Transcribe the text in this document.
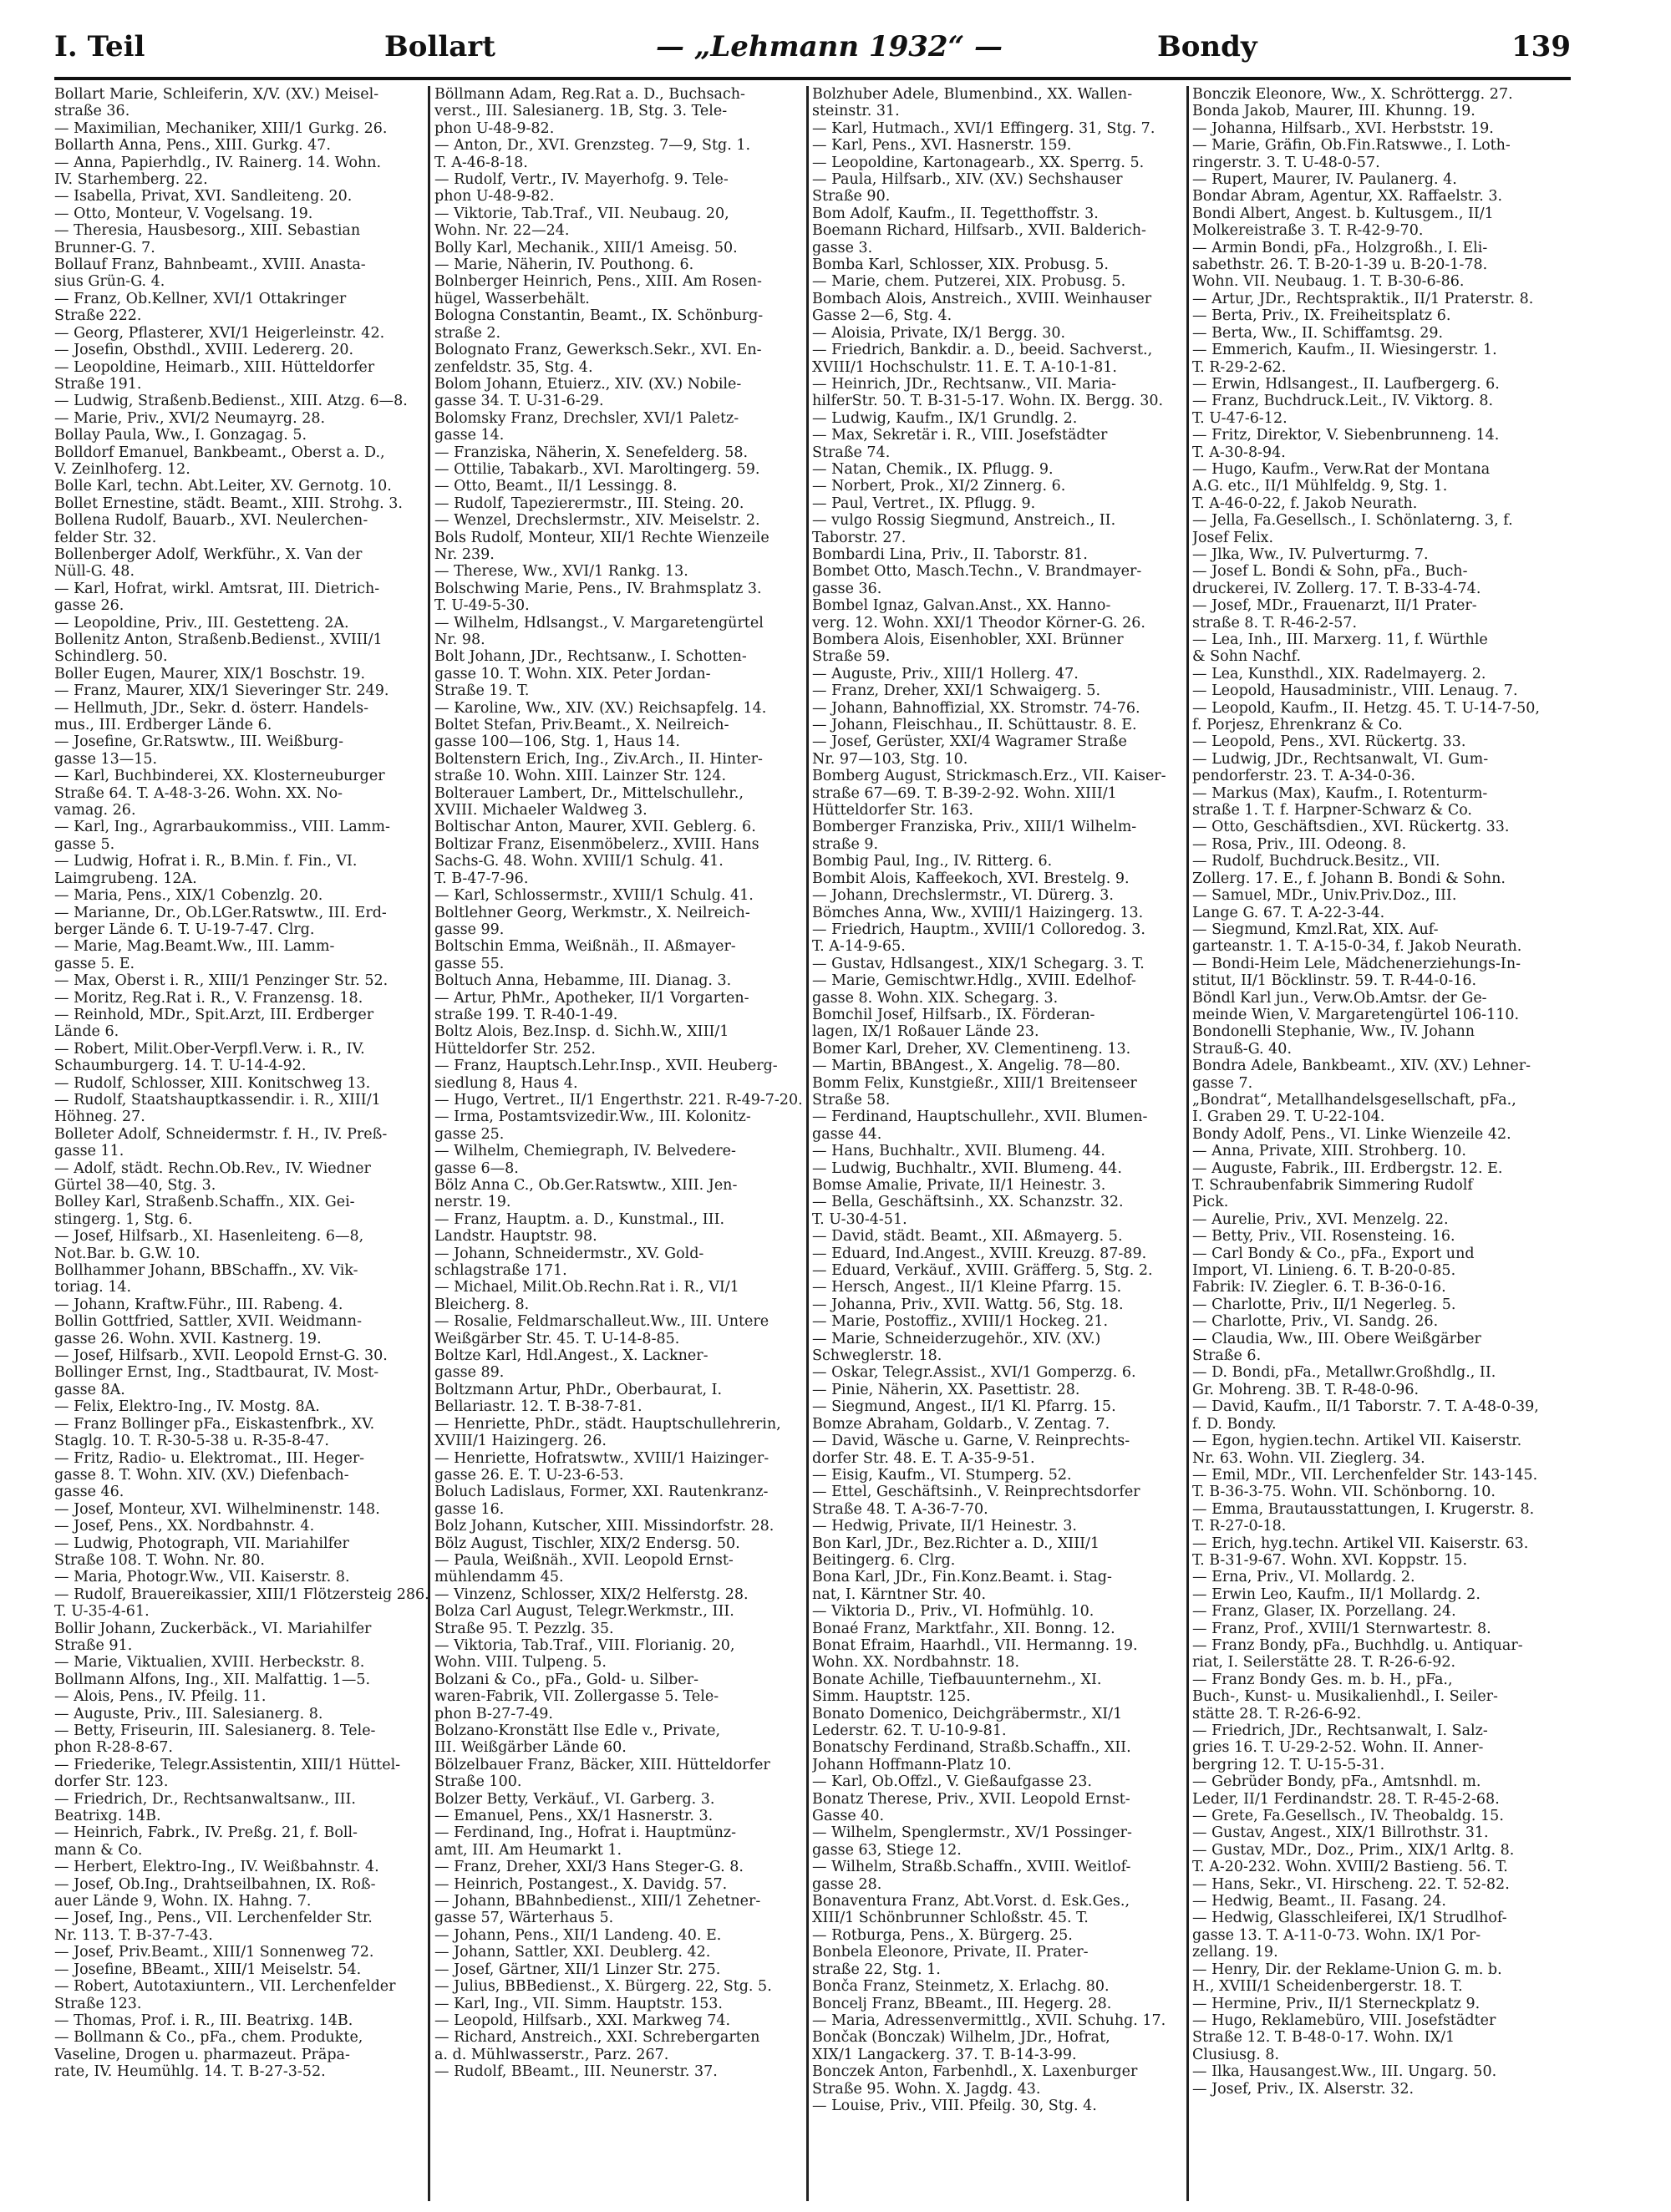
I. Teil	Bollart	— „Lehmann 1932“ —	Bondy	139
Bollart Marie, Schleiferin, X/V. (XV.) Meisel-
straße 36.
— Maximilian, Mechaniker, XIII/1 Gurkg. 26.
Bollarth Anna, Pens., XIII. Gurkg. 47.
— Anna, Papierhdlg., IV. Rainerg. 14. Wohn.
IV. Starhemberg. 22.
— Isabella, Privat, XVI. Sandleiteng. 20.
— Otto, Monteur, V. Vogelsang. 19.
— Theresia, Hausbesorg., XIII. Sebastian
Brunner-G. 7.
Bollauf Franz, Bahnbeamt., XVIII. Anasta-
sius Grün-G. 4.
— Franz, Ob.Kellner, XVI/1 Ottakringer
Straße 222.
— Georg, Pflasterer, XVI/1 Heigerleinstr. 42.
— Josefin, Obsthdl., XVIII. Ledererg. 20.
— Leopoldine, Heimarb., XIII. Hütteldorfer
Straße 191.
— Ludwig, Straßenb.Bedienst., XIII. Atzg. 6—8.
— Marie, Priv., XVI/2 Neumayrg. 28.
Bollay Paula, Ww., I. Gonzagag. 5.
Bolldorf Emanuel, Bankbeamt., Oberst a. D.,
V. Zeinlhoferg. 12.
Bolle Karl, techn. Abt.Leiter, XV. Gernotg. 10.
Bollet Ernestine, städt. Beamt., XIII. Strohg. 3.
Bollena Rudolf, Bauarb., XVI. Neulerchen-
felder Str. 32.
Bollenberger Adolf, Werkführ., X. Van der
Nüll-G. 48.
— Karl, Hofrat, wirkl. Amtsrat, III. Dietrich-
gasse 26.
— Leopoldine, Priv., III. Gestetteng. 2A.
Bollenitz Anton, Straßenb.Bedienst., XVIII/1
Schindlerg. 50.
Boller Eugen, Maurer, XIX/1 Boschstr. 19.
— Franz, Maurer, XIX/1 Sieveringer Str. 249.
— Hellmuth, JDr., Sekr. d. österr. Handels-
mus., III. Erdberger Lände 6.
— Josefine, Gr.Ratswtw., III. Weißburg-
gasse 13—15.
— Karl, Buchbinderei, XX. Klosterneuburger
Straße 64. T. A-48-3-26. Wohn. XX. No-
vamag. 26.
— Karl, Ing., Agrarbaukommiss., VIII. Lamm-
gasse 5.
— Ludwig, Hofrat i. R., B.Min. f. Fin., VI.
Laimgrubeng. 12A.
— Maria, Pens., XIX/1 Cobenzlg. 20.
— Marianne, Dr., Ob.LGer.Ratswtw., III. Erd-
berger Lände 6. T. U-19-7-47. Clrg.
— Marie, Mag.Beamt.Ww., III. Lamm-
gasse 5. E.
— Max, Oberst i. R., XIII/1 Penzinger Str. 52.
— Moritz, Reg.Rat i. R., V. Franzensg. 18.
— Reinhold, MDr., Spit.Arzt, III. Erdberger
Lände 6.
— Robert, Milit.Ober-Verpfl.Verw. i. R., IV.
Schaumburgerg. 14. T. U-14-4-92.
— Rudolf, Schlosser, XIII. Konitschweg 13.
— Rudolf, Staatshauptkassendir. i. R., XIII/1
Höhneg. 27.
Bolleter Adolf, Schneidermstr. f. H., IV. Preß-
gasse 11.
— Adolf, städt. Rechn.Ob.Rev., IV. Wiedner
Gürtel 38—40, Stg. 3.
Bolley Karl, Straßenb.Schaffn., XIX. Gei-
stingerg. 1, Stg. 6.
— Josef, Hilfsarb., XI. Hasenleiteng. 6—8,
Not.Bar. b. G.W. 10.
Bollhammer Johann, BBSchaffn., XV. Vik-
toriag. 14.
— Johann, Kraftw.Führ., III. Rabeng. 4.
Bollin Gottfried, Sattler, XVII. Weidmann-
gasse 26. Wohn. XVII. Kastnerg. 19.
— Josef, Hilfsarb., XVII. Leopold Ernst-G. 30.
Bollinger Ernst, Ing., Stadtbaurat, IV. Most-
gasse 8A.
— Felix, Elektro-Ing., IV. Mostg. 8A.
— Franz Bollinger pFa., Eiskastenfbrk., XV.
Staglg. 10. T. R-30-5-38 u. R-35-8-47.
— Fritz, Radio- u. Elektromat., III. Heger-
gasse 8. T. Wohn. XIV. (XV.) Diefenbach-
gasse 46.
— Josef, Monteur, XVI. Wilhelminenstr. 148.
— Josef, Pens., XX. Nordbahnstr. 4.
— Ludwig, Photograph, VII. Mariahilfer
Straße 108. T. Wohn. Nr. 80.
— Maria, Photogr.Ww., VII. Kaiserstr. 8.
— Rudolf, Brauereikassier, XIII/1 Flötzersteig 286.
T. U-35-4-61.
Bollir Johann, Zuckerbäck., VI. Mariahilfer
Straße 91.
— Marie, Viktualien, XVIII. Herbeckstr. 8.
Bollmann Alfons, Ing., XII. Malfattig. 1—5.
— Alois, Pens., IV. Pfeilg. 11.
— Auguste, Priv., III. Salesianerg. 8.
— Betty, Friseurin, III. Salesianerg. 8. Tele-
phon R-28-8-67.
— Friederike, Telegr.Assistentin, XIII/1 Hüttel-
dorfer Str. 123.
— Friedrich, Dr., Rechtsanwaltsanw., III.
Beatrixg. 14B.
— Heinrich, Fabrk., IV. Preßg. 21, f. Boll-
mann & Co.
— Herbert, Elektro-Ing., IV. Weißbahnstr. 4.
— Josef, Ob.Ing., Drahtseilbahnen, IX. Roß-
auer Lände 9, Wohn. IX. Hahng. 7.
— Josef, Ing., Pens., VII. Lerchenfelder Str.
Nr. 113. T. B-37-7-43.
— Josef, Priv.Beamt., XIII/1 Sonnenweg 72.
— Josefine, BBeamt., XIII/1 Meiselstr. 54.
— Robert, Autotaxiuntern., VII. Lerchenfelder
Straße 123.
— Thomas, Prof. i. R., III. Beatrixg. 14B.
— Bollmann & Co., pFa., chem. Produkte,
Vaseline, Drogen u. pharmazeut. Präpa-
rate, IV. Heumühlg. 14. T. B-27-3-52.
Böllmann Adam, Reg.Rat a. D., Buchsach-
verst., III. Salesianerg. 1B, Stg. 3. Tele-
phon U-48-9-82.
— Anton, Dr., XVI. Grenzsteg. 7—9, Stg. 1.
T. A-46-8-18.
— Rudolf, Vertr., IV. Mayerhofg. 9. Tele-
phon U-48-9-82.
— Viktorie, Tab.Traf., VII. Neubaug. 20,
Wohn. Nr. 22—24.
Bolly Karl, Mechanik., XIII/1 Ameisg. 50.
— Marie, Näherin, IV. Pouthong. 6.
Bolnberger Heinrich, Pens., XIII. Am Rosen-
hügel, Wasserbehält.
Bologna Constantin, Beamt., IX. Schönburg-
straße 2.
Bolognato Franz, Gewerksch.Sekr., XVI. En-
zenfeldstr. 35, Stg. 4.
Bolom Johann, Etuierz., XIV. (XV.) Nobile-
gasse 34. T. U-31-6-29.
Bolomsky Franz, Drechsler, XVI/1 Paletz-
gasse 14.
— Franziska, Näherin, X. Senefelderg. 58.
— Ottilie, Tabakarb., XVI. Maroltingerg. 59.
— Otto, Beamt., II/1 Lessingg. 8.
— Rudolf, Tapezierermstr., III. Steing. 20.
— Wenzel, Drechslermstr., XIV. Meiselstr. 2.
Bols Rudolf, Monteur, XII/1 Rechte Wienzeile
Nr. 239.
— Therese, Ww., XVI/1 Rankg. 13.
Bolschwing Marie, Pens., IV. Brahmsplatz 3.
T. U-49-5-30.
— Wilhelm, Hdlsangst., V. Margaretengürtel
Nr. 98.
Bolt Johann, JDr., Rechtsanw., I. Schotten-
gasse 10. T. Wohn. XIX. Peter Jordan-
Straße 19. T.
— Karoline, Ww., XIV. (XV.) Reichsapfelg. 14.
Boltet Stefan, Priv.Beamt., X. Neilreich-
gasse 100—106, Stg. 1, Haus 14.
Boltenstern Erich, Ing., Ziv.Arch., II. Hinter-
straße 10. Wohn. XIII. Lainzer Str. 124.
Bolterauer Lambert, Dr., Mittelschullehr.,
XVIII. Michaeler Waldweg 3.
Boltischar Anton, Maurer, XVII. Geblerg. 6.
Boltizar Franz, Eisenmöbelerz., XVIII. Hans
Sachs-G. 48. Wohn. XVIII/1 Schulg. 41.
T. B-47-7-96.
— Karl, Schlossermstr., XVIII/1 Schulg. 41.
Boltlehner Georg, Werkmstr., X. Neilreich-
gasse 99.
Boltschin Emma, Weißnäh., II. Aßmayer-
gasse 55.
Boltuch Anna, Hebamme, III. Dianag. 3.
— Artur, PhMr., Apotheker, II/1 Vorgarten-
straße 199. T. R-40-1-49.
Boltz Alois, Bez.Insp. d. Sichh.W., XIII/1
Hütteldorfer Str. 252.
— Franz, Hauptsch.Lehr.Insp., XVII. Heuberg-
siedlung 8, Haus 4.
— Hugo, Vertret., II/1 Engerthstr. 221. R-49-7-20.
— Irma, Postamtsvizedir.Ww., III. Kolonitz-
gasse 25.
— Wilhelm, Chemiegraph, IV. Belvedere-
gasse 6—8.
Bölz Anna C., Ob.Ger.Ratswtw., XIII. Jen-
nerstr. 19.
— Franz, Hauptm. a. D., Kunstmal., III.
Landstr. Hauptstr. 98.
— Johann, Schneidermstr., XV. Gold-
schlagstraße 171.
— Michael, Milit.Ob.Rechn.Rat i. R., VI/1
Bleicherg. 8.
— Rosalie, Feldmarschalleut.Ww., III. Untere
Weißgärber Str. 45. T. U-14-8-85.
Boltze Karl, Hdl.Angest., X. Lackner-
gasse 89.
Boltzmann Artur, PhDr., Oberbaurat, I.
Bellariastr. 12. T. B-38-7-81.
— Henriette, PhDr., städt. Hauptschullehrerin,
XVIII/1 Haizingerg. 26.
— Henriette, Hofratswtw., XVIII/1 Haizinger-
gasse 26. E. T. U-23-6-53.
Boluch Ladislaus, Former, XXI. Rautenkranz-
gasse 16.
Bolz Johann, Kutscher, XIII. Missindorfstr. 28.
Bölz August, Tischler, XIX/2 Endersg. 50.
— Paula, Weißnäh., XVII. Leopold Ernst-
mühlendamm 45.
— Vinzenz, Schlosser, XIX/2 Helferstg. 28.
Bolza Carl August, Telegr.Werkmstr., III.
Straße 95. T. Pezzlg. 35.
— Viktoria, Tab.Traf., VIII. Florianig. 20,
Wohn. VIII. Tulpeng. 5.
Bolzani & Co., pFa., Gold- u. Silber-
waren-Fabrik, VII. Zollergasse 5. Tele-
phon B-27-7-49.
Bolzano-Kronstätt Ilse Edle v., Private,
III. Weißgärber Lände 60.
Bölzelbauer Franz, Bäcker, XIII. Hütteldorfer
Straße 100.
Bolzer Betty, Verkäuf., VI. Garberg. 3.
— Emanuel, Pens., XX/1 Hasnerstr. 3.
— Ferdinand, Ing., Hofrat i. Hauptmünz-
amt, III. Am Heumarkt 1.
— Franz, Dreher, XXI/3 Hans Steger-G. 8.
— Heinrich, Postangest., X. Davidg. 57.
— Johann, BBahnbedienst., XIII/1 Zehetner-
gasse 57, Wärterhaus 5.
— Johann, Pens., XII/1 Landeng. 40. E.
— Johann, Sattler, XXI. Deublerg. 42.
— Josef, Gärtner, XII/1 Linzer Str. 275.
— Julius, BBBedienst., X. Bürgerg. 22, Stg. 5.
— Karl, Ing., VII. Simm. Hauptstr. 153.
— Leopold, Hilfsarb., XXI. Markweg 74.
— Richard, Anstreich., XXI. Schrebergarten
a. d. Mühlwasserstr., Parz. 267.
— Rudolf, BBeamt., III. Neunerstr. 37.
Bolzhuber Adele, Blumenbind., XX. Wallen-
steinstr. 31.
— Karl, Hutmach., XVI/1 Effingerg. 31, Stg. 7.
— Karl, Pens., XVI. Hasnerstr. 159.
— Leopoldine, Kartonagearb., XX. Sperrg. 5.
— Paula, Hilfsarb., XIV. (XV.) Sechshauser
Straße 90.
Bom Adolf, Kaufm., II. Tegetthoffstr. 3.
Boemann Richard, Hilfsarb., XVII. Balderich-
gasse 3.
Bomba Karl, Schlosser, XIX. Probusg. 5.
— Marie, chem. Putzerei, XIX. Probusg. 5.
Bombach Alois, Anstreich., XVIII. Weinhauser
Gasse 2—6, Stg. 4.
— Aloisia, Private, IX/1 Bergg. 30.
— Friedrich, Bankdir. a. D., beeid. Sachverst.,
XVIII/1 Hochschulstr. 11. E. T. A-10-1-81.
— Heinrich, JDr., Rechtsanw., VII. Maria-
hilferStr. 50. T. B-31-5-17. Wohn. IX. Bergg. 30.
— Ludwig, Kaufm., IX/1 Grundlg. 2.
— Max, Sekretär i. R., VIII. Josefstädter
Straße 74.
— Natan, Chemik., IX. Pflugg. 9.
— Norbert, Prok., XI/2 Zinnerg. 6.
— Paul, Vertret., IX. Pflugg. 9.
— vulgo Rossig Siegmund, Anstreich., II.
Taborstr. 27.
Bombardi Lina, Priv., II. Taborstr. 81.
Bombet Otto, Masch.Techn., V. Brandmayer-
gasse 36.
Bombel Ignaz, Galvan.Anst., XX. Hanno-
verg. 12. Wohn. XXI/1 Theodor Körner-G. 26.
Bombera Alois, Eisenhobler, XXI. Brünner
Straße 59.
— Auguste, Priv., XIII/1 Hollerg. 47.
— Franz, Dreher, XXI/1 Schwaigerg. 5.
— Johann, Bahnoffizial, XX. Stromstr. 74-76.
— Johann, Fleischhau., II. Schüttaustr. 8. E.
— Josef, Gerüster, XXI/4 Wagramer Straße
Nr. 97—103, Stg. 10.
Bomberg August, Strickmasch.Erz., VII. Kaiser-
straße 67—69. T. B-39-2-92. Wohn. XIII/1
Hütteldorfer Str. 163.
Bomberger Franziska, Priv., XIII/1 Wilhelm-
straße 9.
Bombig Paul, Ing., IV. Ritterg. 6.
Bombit Alois, Kaffeekoch, XVI. Brestelg. 9.
— Johann, Drechslermstr., VI. Dürerg. 3.
Bömches Anna, Ww., XVIII/1 Haizingerg. 13.
— Friedrich, Hauptm., XVIII/1 Colloredog. 3.
T. A-14-9-65.
— Gustav, Hdlsangest., XIX/1 Schegarg. 3. T.
— Marie, Gemischtwr.Hdlg., XVIII. Edelhof-
gasse 8. Wohn. XIX. Schegarg. 3.
Bomchil Josef, Hilfsarb., IX. Förderan-
lagen, IX/1 Roßauer Lände 23.
Bomer Karl, Dreher, XV. Clementineng. 13.
— Martin, BBAngest., X. Angelig. 78—80.
Bomm Felix, Kunstgießr., XIII/1 Breitenseer
Straße 58.
— Ferdinand, Hauptschullehr., XVII. Blumen-
gasse 44.
— Hans, Buchhaltr., XVII. Blumeng. 44.
— Ludwig, Buchhaltr., XVII. Blumeng. 44.
Bomse Amalie, Private, II/1 Heinestr. 3.
— Bella, Geschäftsinh., XX. Schanzstr. 32.
T. U-30-4-51.
— David, städt. Beamt., XII. Aßmayerg. 5.
— Eduard, Ind.Angest., XVIII. Kreuzg. 87-89.
— Eduard, Verkäuf., XVIII. Gräfferg. 5, Stg. 2.
— Hersch, Angest., II/1 Kleine Pfarrg. 15.
— Johanna, Priv., XVII. Wattg. 56, Stg. 18.
— Marie, Postoffiz., XVIII/1 Hockeg. 21.
— Marie, Schneiderzugehör., XIV. (XV.)
Schweglerstr. 18.
— Oskar, Telegr.Assist., XVI/1 Gomperzg. 6.
— Pinie, Näherin, XX. Pasettistr. 28.
— Siegmund, Angest., II/1 Kl. Pfarrg. 15.
Bomze Abraham, Goldarb., V. Zentag. 7.
— David, Wäsche u. Garne, V. Reinprechts-
dorfer Str. 48. E. T. A-35-9-51.
— Eisig, Kaufm., VI. Stumperg. 52.
— Ettel, Geschäftsinh., V. Reinprechtsdorfer
Straße 48. T. A-36-7-70.
— Hedwig, Private, II/1 Heinestr. 3.
Bon Karl, JDr., Bez.Richter a. D., XIII/1
Beitingerg. 6. Clrg.
Bona Karl, JDr., Fin.Konz.Beamt. i. Stag-
nat, I. Kärntner Str. 40.
— Viktoria D., Priv., VI. Hofmühlg. 10.
Bonaé Franz, Marktfahr., XII. Bonng. 12.
Bonat Efraim, Haarhdl., VII. Hermanng. 19.
Wohn. XX. Nordbahnstr. 18.
Bonate Achille, Tiefbauunternehm., XI.
Simm. Hauptstr. 125.
Bonato Domenico, Deichgräbermstr., XI/1
Lederstr. 62. T. U-10-9-81.
Bonatschy Ferdinand, Straßb.Schaffn., XII.
Johann Hoffmann-Platz 10.
— Karl, Ob.Offzl., V. Gießaufgasse 23.
Bonatz Therese, Priv., XVII. Leopold Ernst-
Gasse 40.
— Wilhelm, Spenglermstr., XV/1 Possinger-
gasse 63, Stiege 12.
— Wilhelm, Straßb.Schaffn., XVIII. Weitlof-
gasse 28.
Bonaventura Franz, Abt.Vorst. d. Esk.Ges.,
XIII/1 Schönbrunner Schloßstr. 45. T.
— Rotburga, Pens., X. Bürgerg. 25.
Bonbela Eleonore, Private, II. Prater-
straße 22, Stg. 1.
Bonča Franz, Steinmetz, X. Erlachg. 80.
Boncelj Franz, BBeamt., III. Hegerg. 28.
— Maria, Adressenvermittlg., XVII. Schuhg. 17.
Bončak (Bonczak) Wilhelm, JDr., Hofrat,
XIX/1 Langackerg. 37. T. B-14-3-99.
Bonczek Anton, Farbenhdl., X. Laxenburger
Straße 95. Wohn. X. Jagdg. 43.
— Louise, Priv., VIII. Pfeilg. 30, Stg. 4.
Bonczik Eleonore, Ww., X. Schröttergg. 27.
Bonda Jakob, Maurer, III. Khunng. 19.
— Johanna, Hilfsarb., XVI. Herbststr. 19.
— Marie, Gräfin, Ob.Fin.Ratswwe., I. Loth-
ringerstr. 3. T. U-48-0-57.
— Rupert, Maurer, IV. Paulanerg. 4.
Bondar Abram, Agentur, XX. Raffaelstr. 3.
Bondi Albert, Angest. b. Kultusgem., II/1
Molkereistraße 3. T. R-42-9-70.
— Armin Bondi, pFa., Holzgroßh., I. Eli-
sabethstr. 26. T. B-20-1-39 u. B-20-1-78.
Wohn. VII. Neubaug. 1. T. B-30-6-86.
— Artur, JDr., Rechtspraktik., II/1 Praterstr. 8.
— Berta, Priv., IX. Freiheitsplatz 6.
— Berta, Ww., II. Schiffamtsg. 29.
— Emmerich, Kaufm., II. Wiesingerstr. 1.
T. R-29-2-62.
— Erwin, Hdlsangest., II. Laufbergerg. 6.
— Franz, Buchdruck.Leit., IV. Viktorg. 8.
T. U-47-6-12.
— Fritz, Direktor, V. Siebenbrunneng. 14.
T. A-30-8-94.
— Hugo, Kaufm., Verw.Rat der Montana
A.G. etc., II/1 Mühlfeldg. 9, Stg. 1.
T. A-46-0-22, f. Jakob Neurath.
— Jella, Fa.Gesellsch., I. Schönlaterng. 3, f.
Josef Felix.
— Jlka, Ww., IV. Pulverturmg. 7.
— Josef L. Bondi & Sohn, pFa., Buch-
druckerei, IV. Zollerg. 17. T. B-33-4-74.
— Josef, MDr., Frauenarzt, II/1 Prater-
straße 8. T. R-46-2-57.
— Lea, Inh., III. Marxerg. 11, f. Würthle
& Sohn Nachf.
— Lea, Kunsthdl., XIX. Radelmayerg. 2.
— Leopold, Hausadministr., VIII. Lenaug. 7.
— Leopold, Kaufm., II. Hetzg. 45. T. U-14-7-50,
f. Porjesz, Ehrenkranz & Co.
— Leopold, Pens., XVI. Rückertg. 33.
— Ludwig, JDr., Rechtsanwalt, VI. Gum-
pendorferstr. 23. T. A-34-0-36.
— Markus (Max), Kaufm., I. Rotenturm-
straße 1. T. f. Harpner-Schwarz & Co.
— Otto, Geschäftsdien., XVI. Rückertg. 33.
— Rosa, Priv., III. Odeong. 8.
— Rudolf, Buchdruck.Besitz., VII.
Zollerg. 17. E., f. Johann B. Bondi & Sohn.
— Samuel, MDr., Univ.Priv.Doz., III.
Lange G. 67. T. A-22-3-44.
— Siegmund, Kmzl.Rat, XIX. Auf-
garteanstr. 1. T. A-15-0-34, f. Jakob Neurath.
— Bondi-Heim Lele, Mädchenerziehungs-In-
stitut, II/1 Böcklinstr. 59. T. R-44-0-16.
Böndl Karl jun., Verw.Ob.Amtsr. der Ge-
meinde Wien, V. Margaretengürtel 106-110.
Bondonelli Stephanie, Ww., IV. Johann
Strauß-G. 40.
Bondra Adele, Bankbeamt., XIV. (XV.) Lehner-
gasse 7.
„Bondrat“, Metallhandelsgesellschaft, pFa.,
I. Graben 29. T. U-22-104.
Bondy Adolf, Pens., VI. Linke Wienzeile 42.
— Anna, Private, XIII. Strohberg. 10.
— Auguste, Fabrik., III. Erdbergstr. 12. E.
T. Schraubenfabrik Simmering Rudolf
Pick.
— Aurelie, Priv., XVI. Menzelg. 22.
— Betty, Priv., VII. Rosensteing. 16.
— Carl Bondy & Co., pFa., Export und
Import, VI. Linieng. 6. T. B-20-0-85.
Fabrik: IV. Ziegler. 6. T. B-36-0-16.
— Charlotte, Priv., II/1 Negerleg. 5.
— Charlotte, Priv., VI. Sandg. 26.
— Claudia, Ww., III. Obere Weißgärber
Straße 6.
— D. Bondi, pFa., Metallwr.Großhdlg., II.
Gr. Mohreng. 3B. T. R-48-0-96.
— David, Kaufm., II/1 Taborstr. 7. T. A-48-0-39,
f. D. Bondy.
— Egon, hygien.techn. Artikel VII. Kaiserstr.
Nr. 63. Wohn. VII. Zieglerg. 34.
— Emil, MDr., VII. Lerchenfelder Str. 143-145.
T. B-36-3-75. Wohn. VII. Schönborng. 10.
— Emma, Brautausstattungen, I. Krugerstr. 8.
T. R-27-0-18.
— Erich, hyg.techn. Artikel VII. Kaiserstr. 63.
T. B-31-9-67. Wohn. XVI. Koppstr. 15.
— Erna, Priv., VI. Mollardg. 2.
— Erwin Leo, Kaufm., II/1 Mollardg. 2.
— Franz, Glaser, IX. Porzellang. 24.
— Franz, Prof., XVIII/1 Sternwartestr. 8.
— Franz Bondy, pFa., Buchhdlg. u. Antiquar-
riat, I. Seilerstätte 28. T. R-26-6-92.
— Franz Bondy Ges. m. b. H., pFa.,
Buch-, Kunst- u. Musikalienhdl., I. Seiler-
stätte 28. T. R-26-6-92.
— Friedrich, JDr., Rechtsanwalt, I. Salz-
gries 16. T. U-29-2-52. Wohn. II. Anner-
bergring 12. T. U-15-5-31.
— Gebrüder Bondy, pFa., Amtsnhdl. m.
Leder, II/1 Ferdinandstr. 28. T. R-45-2-68.
— Grete, Fa.Gesellsch., IV. Theobaldg. 15.
— Gustav, Angest., XIX/1 Billrothstr. 31.
— Gustav, MDr., Doz., Prim., XIX/1 Arltg. 8.
T. A-20-232. Wohn. XVIII/2 Bastieng. 56. T.
— Hans, Sekr., VI. Hirscheng. 22. T. 52-82.
— Hedwig, Beamt., II. Fasang. 24.
— Hedwig, Glasschleiferei, IX/1 Strudlhof-
gasse 13. T. A-11-0-73. Wohn. IX/1 Por-
zellang. 19.
— Henry, Dir. der Reklame-Union G. m. b.
H., XVIII/1 Scheidenbergerstr. 18. T.
— Hermine, Priv., II/1 Sterneckplatz 9.
— Hugo, Reklamebüro, VIII. Josefstädter
Straße 12. T. B-48-0-17. Wohn. IX/1
Clusiusg. 8.
— Ilka, Hausangest.Ww., III. Ungarg. 50.
— Josef, Priv., IX. Alserstr. 32.
